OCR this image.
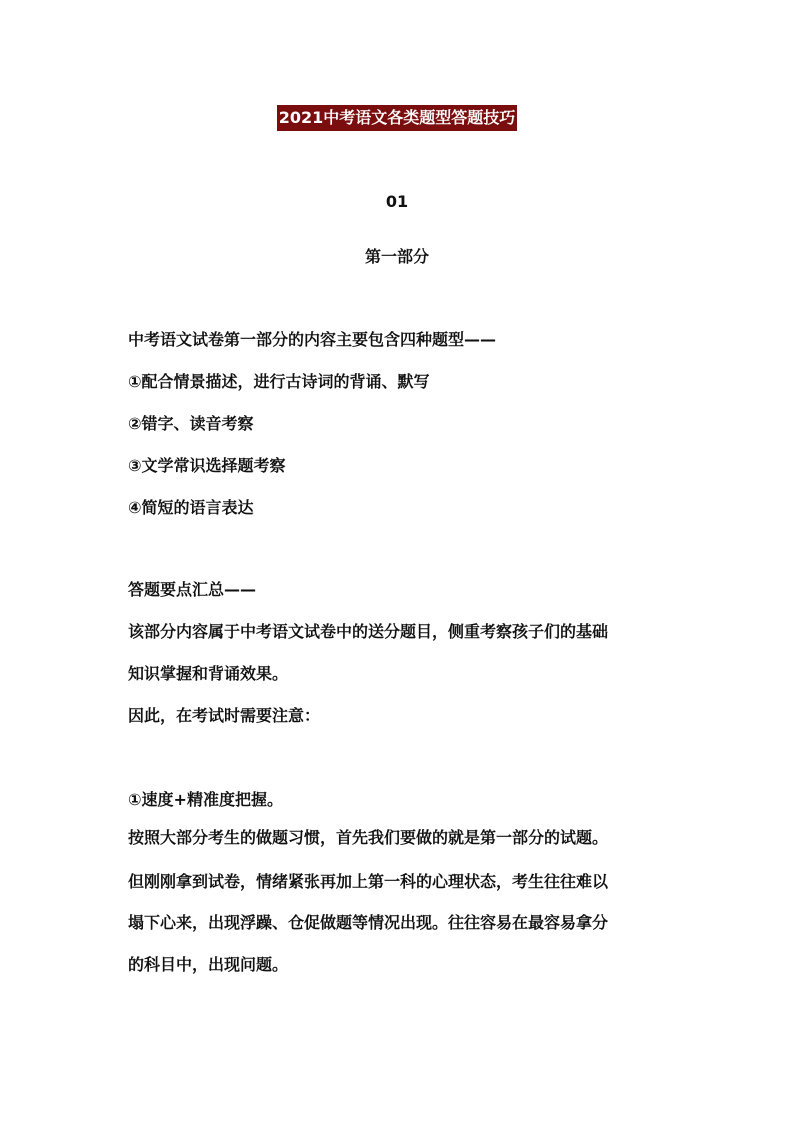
2021中考语文各类题型答题技巧
01
第一部分
中考语文试卷第一部分的内容主要包含四种题型——
①配合情景描述，进行古诗词的背诵、默写
②错字、读音考察
③文学常识选择题考察
④简短的语言表达
答题要点汇总——
该部分内容属于中考语文试卷中的送分题目，侧重考察孩子们的基础
知识掌握和背诵效果。
因此，在考试时需要注意：
①速度+精准度把握。
按照大部分考生的做题习惯，首先我们要做的就是第一部分的试题。
但刚刚拿到试卷，情绪紧张再加上第一科的心理状态，考生往往难以
塌下心来，出现浮躁、仓促做题等情况出现。往往容易在最容易拿分
的科目中，出现问题。
